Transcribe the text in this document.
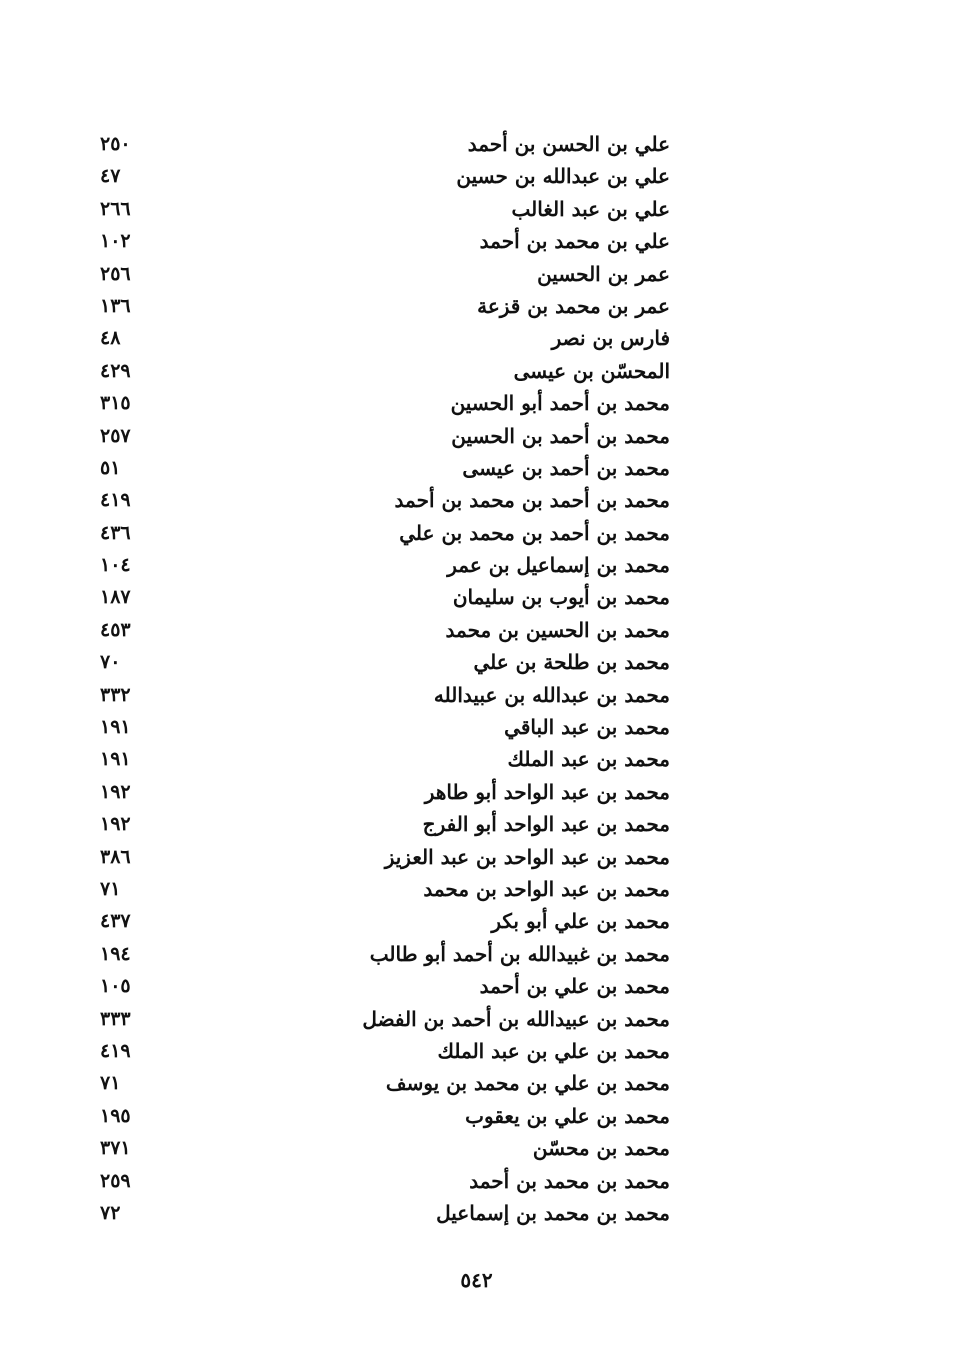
علي بن الحسن بن أحمد
٢٥٠
علي بن عبدالله بن حسين
٤٧
علي بن عبد الغالب
٢٦٦
علي بن محمد بن أحمد
١٠٢
عمر بن الحسين
٢٥٦
عمر بن محمد بن قزعة
١٣٦
فارس بن نصر
٤٨
المحسّن بن عيسى
٤٢٩
محمد بن أحمد أبو الحسين
٣١٥
محمد بن أحمد بن الحسين
٢٥٧
محمد بن أحمد بن عيسى
٥١
محمد بن أحمد بن محمد بن أحمد
٤١٩
محمد بن أحمد بن محمد بن علي
٤٣٦
محمد بن إسماعيل بن عمر
١٠٤
محمد بن أيوب بن سليمان
١٨٧
محمد بن الحسين بن محمد
٤٥٣
محمد بن طلحة بن علي
٧٠
محمد بن عبدالله بن عبيدالله
٣٣٢
محمد بن عبد الباقي
١٩١
محمد بن عبد الملك
١٩١
محمد بن عبد الواحد أبو طاهر
١٩٢
محمد بن عبد الواحد أبو الفرج
١٩٢
محمد بن عبد الواحد بن عبد العزيز
٣٨٦
محمد بن عبد الواحد بن محمد
٧١
محمد بن علي أبو بكر
٤٣٧
محمد بن غبيدالله بن أحمد أبو طالب
١٩٤
محمد بن علي بن أحمد
١٠٥
محمد بن عبيدالله بن أحمد بن الفضل
٣٣٣
محمد بن علي بن عبد الملك
٤١٩
محمد بن علي بن محمد بن يوسف
٧١
محمد بن علي بن يعقوب
١٩٥
محمد بن محسّن
٣٧١
محمد بن محمد بن أحمد
٢٥٩
محمد بن محمد بن إسماعيل
٧٢
٥٤٢
